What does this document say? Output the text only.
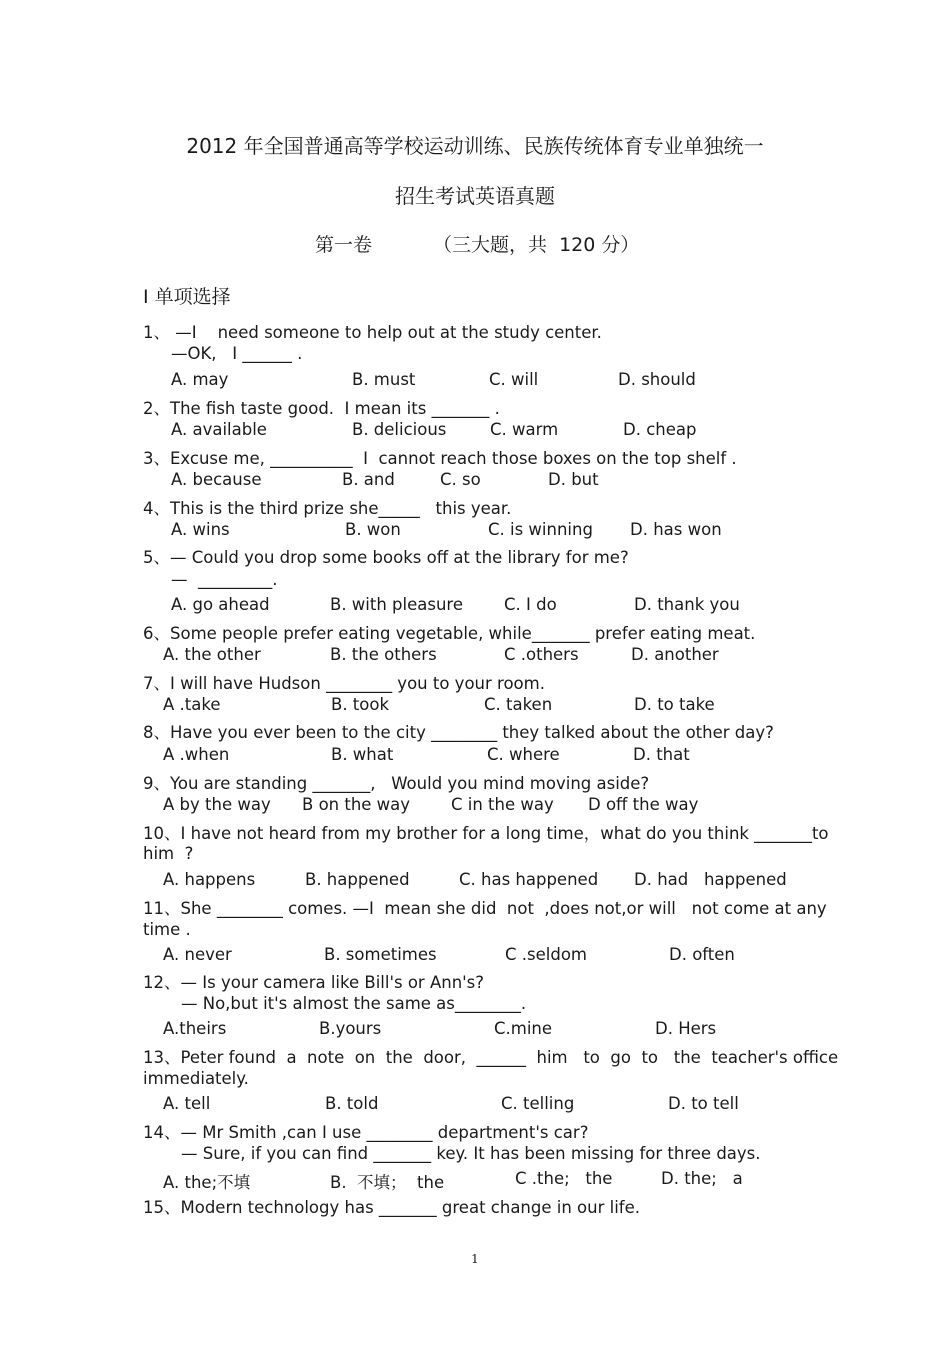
2012 年全国普通高等学校运动训练、民族传统体育专业单独统一
招生考试英语真题
第一卷	（三大题，共  120 分）
Ⅰ 单项选择
1、 —I    need someone to help out at the study center.
—OK,   I ______ .
A. may	B. must	C. will	D. should
2、The fish taste good.  I mean its _______ .
A. available	B. delicious	C. warm	D. cheap
3、Excuse me, __________  I  cannot reach those boxes on the top shelf .
A. because	B. and	C. so	D. but
4、This is the third prize she_____   this year.
A. wins	B. won	C. is winning D. has won
5、— Could you drop some books off at the library for me?
—  _________.
A. go ahead	B. with pleasure C. I do	D. thank you
6、Some people prefer eating vegetable, while_______ prefer eating meat.
A. the other	B. the others	C .others	D. another
7、I will have Hudson ________ you to your room.
A .take	B. took	C. taken	D. to take
8、Have you ever been to the city ________ they talked about the other day?
A .when	B. what	C. where	D. that
9、You are standing _______,   Would you mind moving aside?
A by the way B on the way C in the way D off the way
10、I have not heard from my brother for a long time，what do you think _______to
him  ?
A. happens	B. happened	C. has happened D. had   happened
11、She ________ comes. —I  mean she did  not  ,does not,or will   not come at any
time .
A. never	B. sometimes	C .seldom	D. often
12、— Is your camera like Bill's or Ann's?
— No,but it's almost the same as________.
A.theirs	B.yours	C.mine	D. Hers
13、Peter found  a  note  on  the  door,  ______  him   to  go  to   the  teacher's office
immediately.
A. tell	B. told	C. telling	D. to tell
14、— Mr Smith ,can I use ________ department's car?
— Sure, if you can find _______ key. It has been missing for three days.
A. the;不填	B.  不填；  the	C .the;   the	D. the;   a
15、Modern technology has _______ great change in our life.
1
